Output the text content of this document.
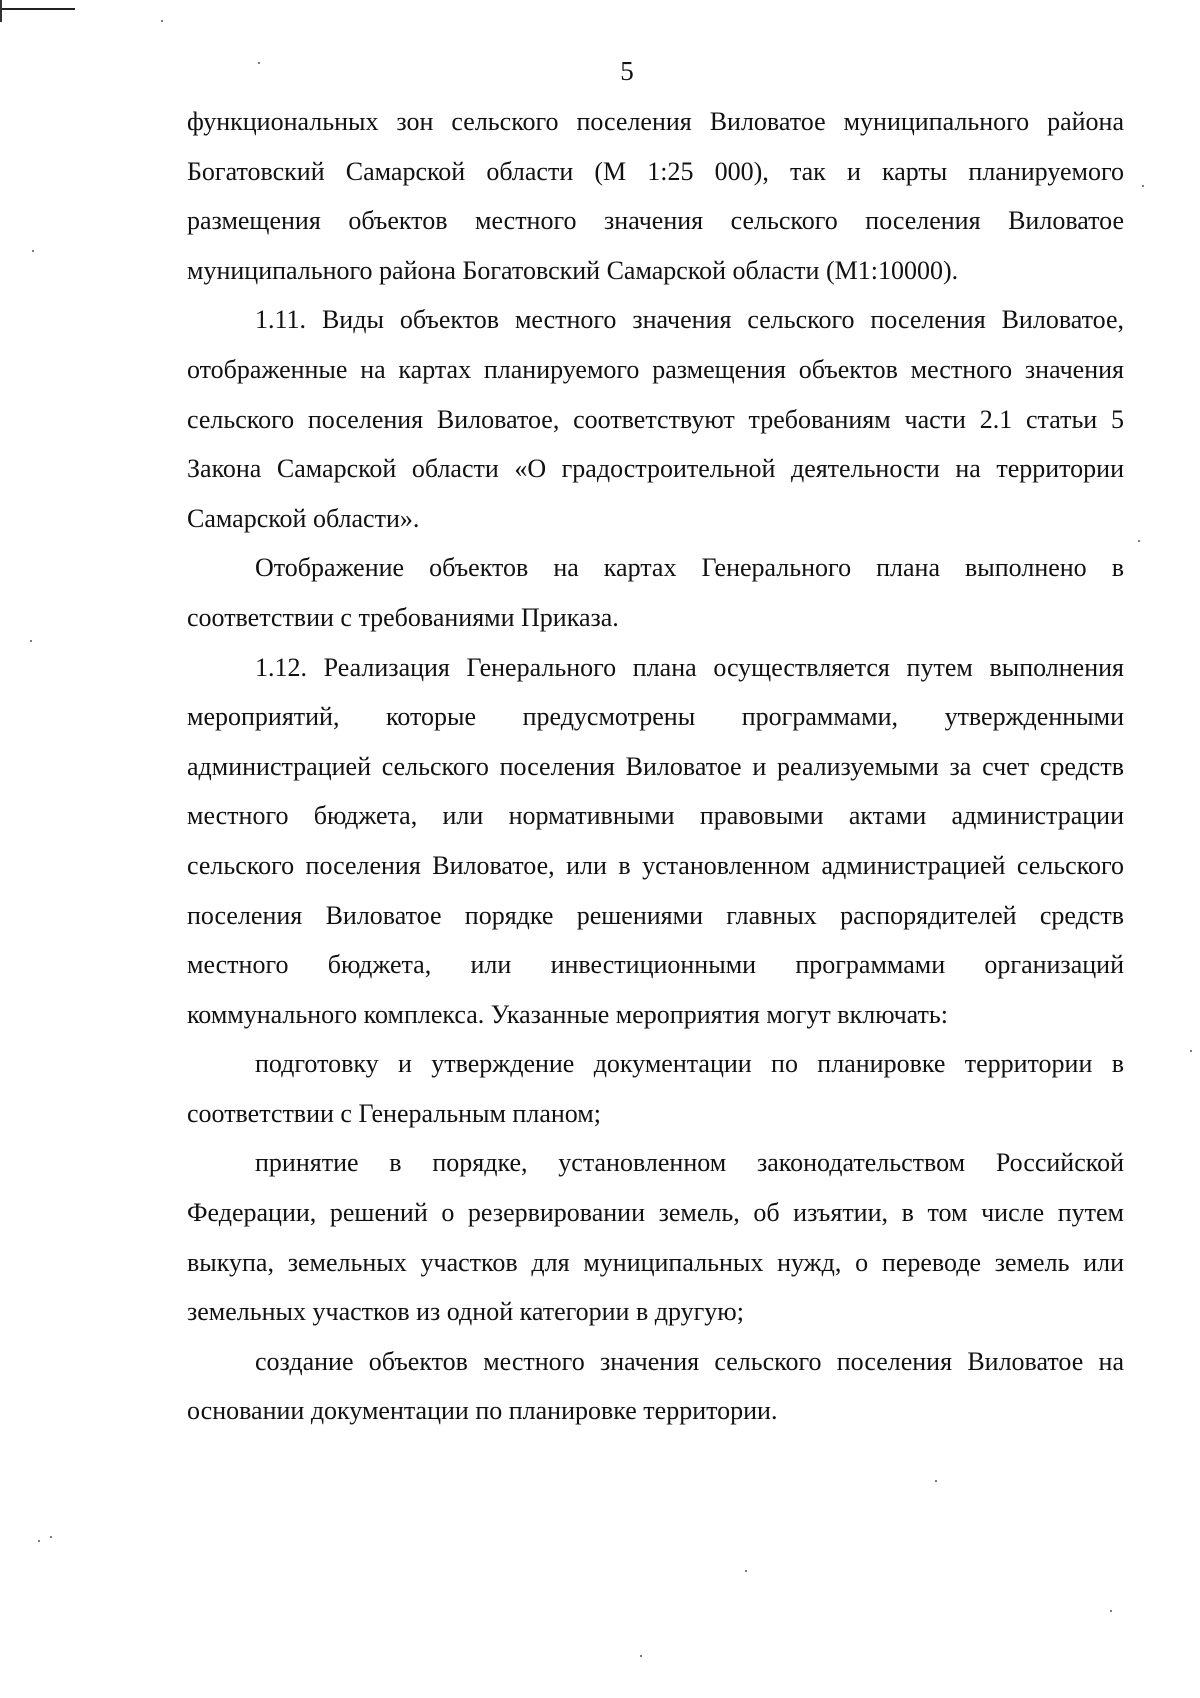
5

функциональных зон сельского поселения Виловатое муниципального района Богатовский Самарской области (М 1:25 000), так и карты планируемого размещения объектов местного значения сельского поселения Виловатое муниципального района Богатовский Самарской области (М1:10000).

1.11. Виды объектов местного значения сельского поселения Виловатое, отображенные на картах планируемого размещения объектов местного значения сельского поселения Виловатое, соответствуют требованиям части 2.1 статьи 5 Закона Самарской области «О градостроительной деятельности на территории Самарской области».

Отображение объектов на картах Генерального плана выполнено в соответствии с требованиями Приказа.

1.12. Реализация Генерального плана осуществляется путем выполнения мероприятий, которые предусмотрены программами, утвержденными администрацией сельского поселения Виловатое и реализуемыми за счет средств местного бюджета, или нормативными правовыми актами администрации сельского поселения Виловатое, или в установленном администрацией сельского поселения Виловатое порядке решениями главных распорядителей средств местного бюджета, или инвестиционными программами организаций коммунального комплекса. Указанные мероприятия могут включать:

подготовку и утверждение документации по планировке территории в соответствии с Генеральным планом;

принятие в порядке, установленном законодательством Российской Федерации, решений о резервировании земель, об изъятии, в том числе путем выкупа, земельных участков для муниципальных нужд, о переводе земель или земельных участков из одной категории в другую;

создание объектов местного значения сельского поселения Виловатое на основании документации по планировке территории.
